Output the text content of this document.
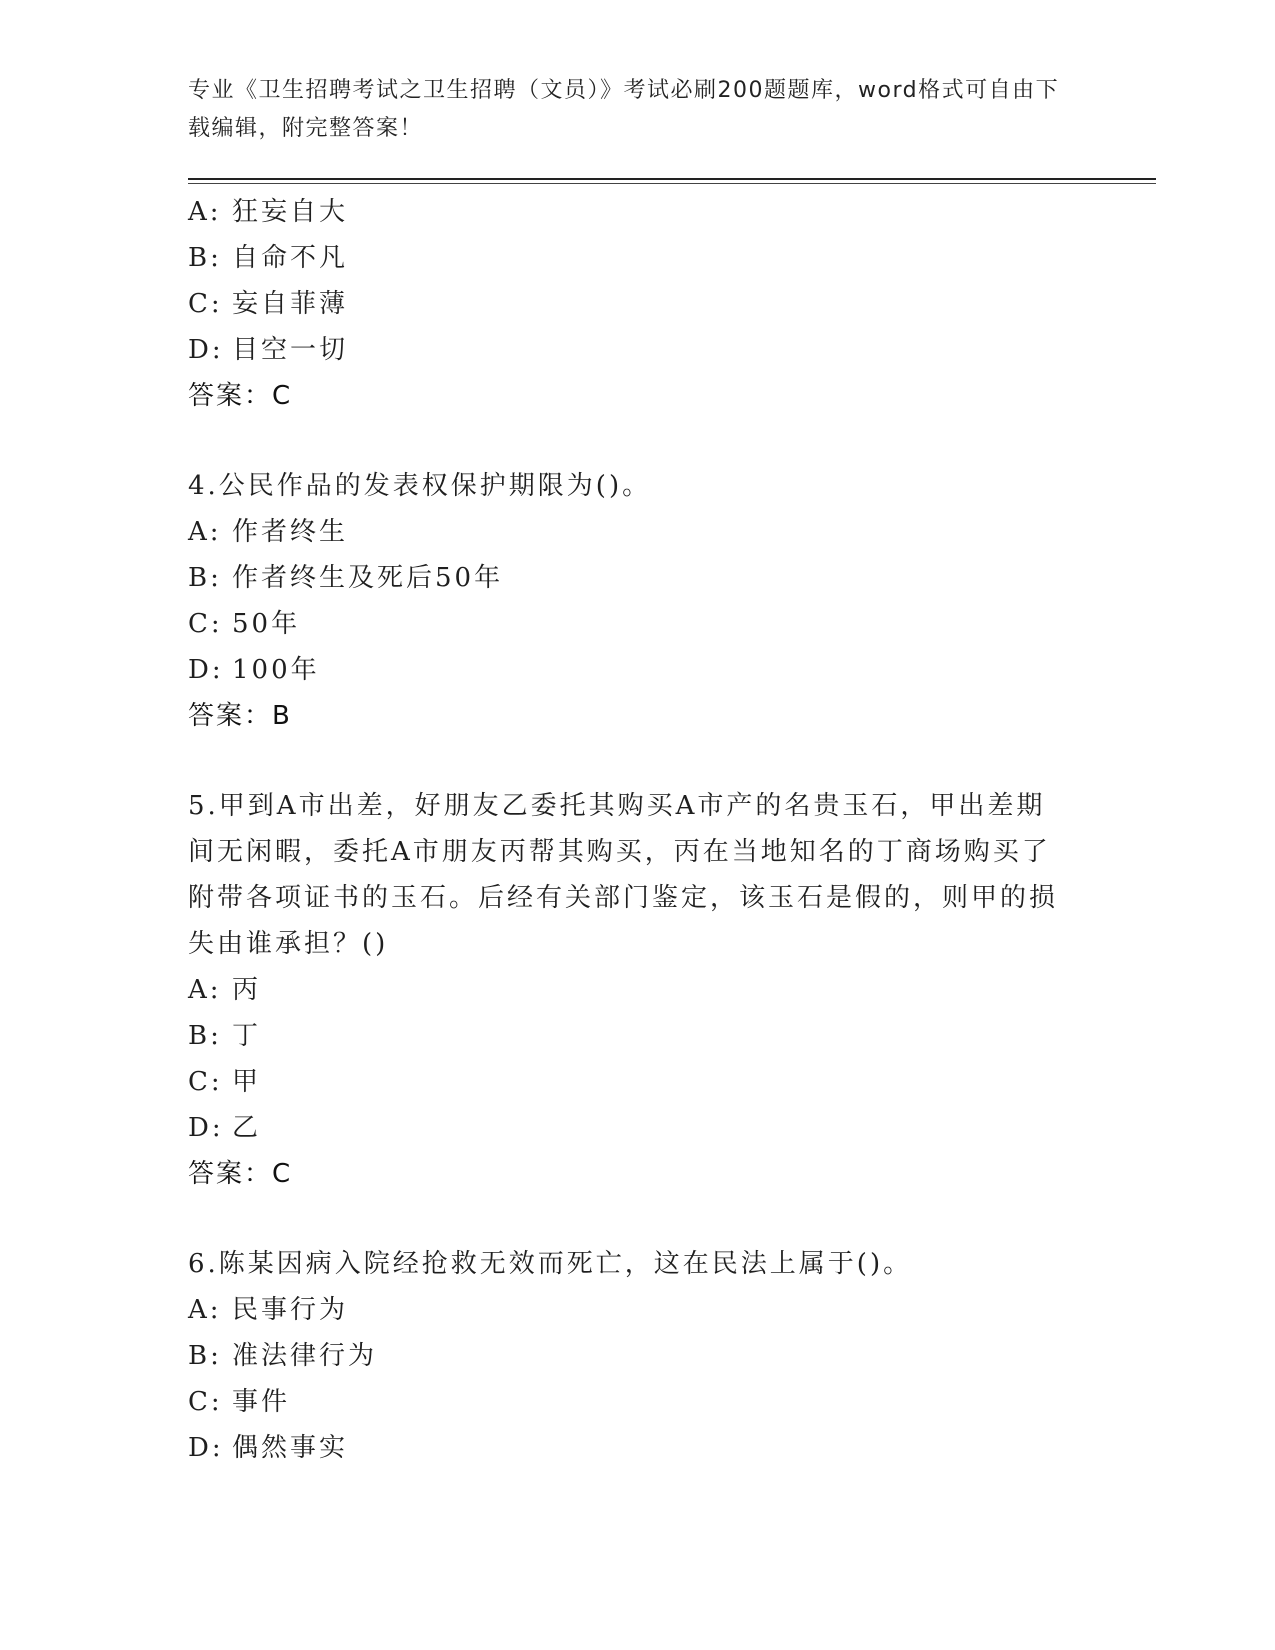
专业《卫生招聘考试之卫生招聘（文员）》考试必刷200题题库，word格式可自由下载编辑，附完整答案！
A: 狂妄自大
B: 自命不凡
C: 妄自菲薄
D: 目空一切
答案：C
4.公民作品的发表权保护期限为()。
A: 作者终生
B: 作者终生及死后50年
C: 50年
D: 100年
答案：B
5.甲到A市出差，好朋友乙委托其购买A市产的名贵玉石，甲出差期间无闲暇，委托A市朋友丙帮其购买，丙在当地知名的丁商场购买了附带各项证书的玉石。后经有关部门鉴定，该玉石是假的，则甲的损失由谁承担？()
A: 丙
B: 丁
C: 甲
D: 乙
答案：C
6.陈某因病入院经抢救无效而死亡，这在民法上属于()。
A: 民事行为
B: 准法律行为
C: 事件
D: 偶然事实
